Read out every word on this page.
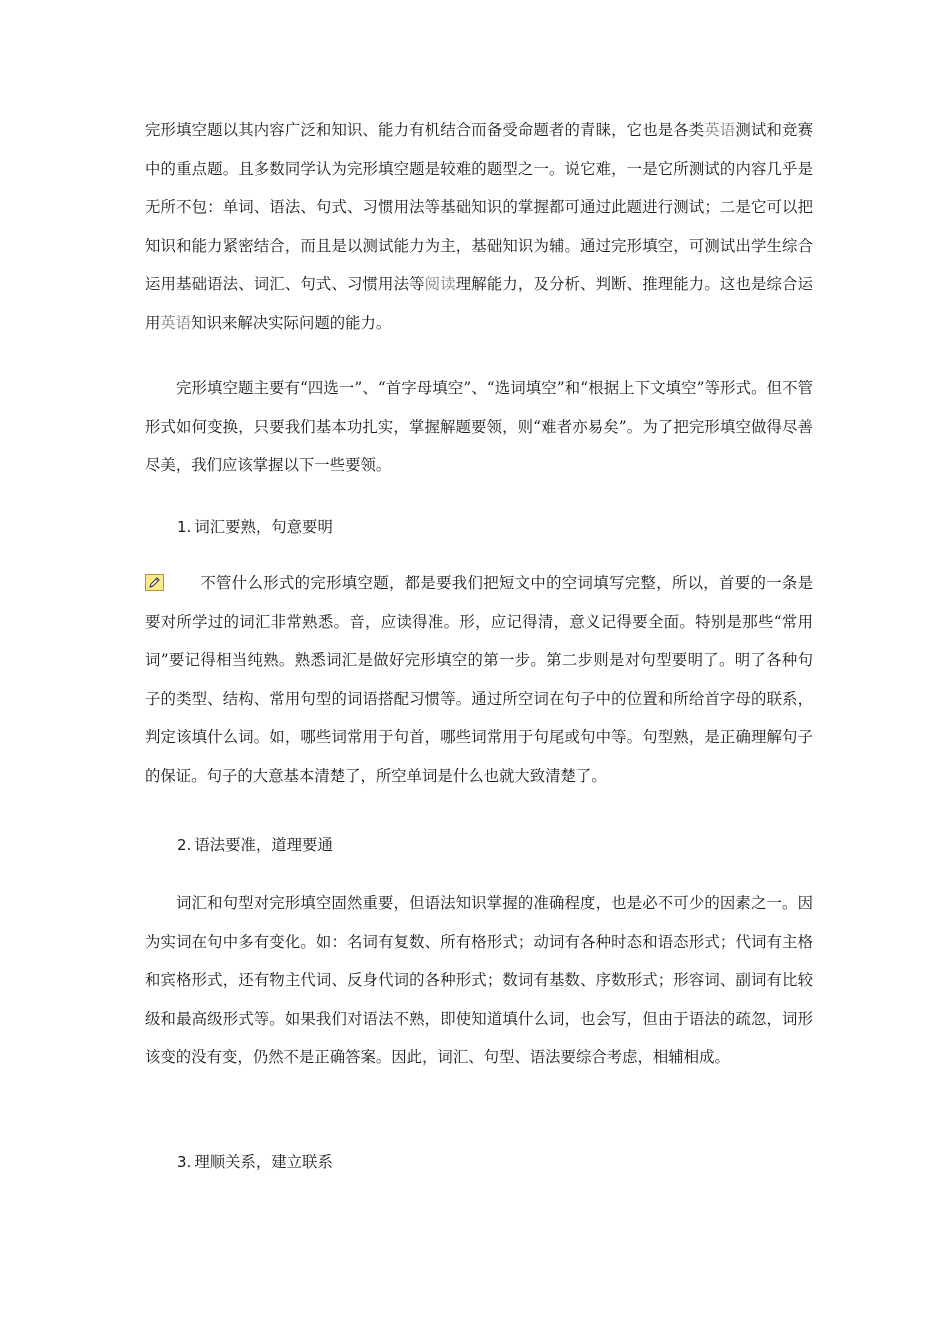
完形填空题以其内容广泛和知识、能力有机结合而备受命题者的青睐，它也是各类英语测试和竞赛中的重点题。且多数同学认为完形填空题是较难的题型之一。说它难，一是它所测试的内容几乎是无所不包：单词、语法、句式、习惯用法等基础知识的掌握都可通过此题进行测试；二是它可以把知识和能力紧密结合，而且是以测试能力为主，基础知识为辅。通过完形填空，可测试出学生综合运用基础语法、词汇、句式、习惯用法等阅读理解能力，及分析、判断、推理能力。这也是综合运用英语知识来解决实际问题的能力。

完形填空题主要有“四选一”、“首字母填空”、“选词填空”和“根据上下文填空”等形式。但不管形式如何变换，只要我们基本功扎实，掌握解题要领，则“难者亦易矣”。为了把完形填空做得尽善尽美，我们应该掌握以下一些要领。

1. 词汇要熟，句意要明

不管什么形式的完形填空题，都是要我们把短文中的空词填写完整，所以，首要的一条是要对所学过的词汇非常熟悉。音，应读得准。形，应记得清，意义记得要全面。特别是那些“常用词”要记得相当纯熟。熟悉词汇是做好完形填空的第一步。第二步则是对句型要明了。明了各种句子的类型、结构、常用句型的词语搭配习惯等。通过所空词在句子中的位置和所给首字母的联系，判定该填什么词。如，哪些词常用于句首，哪些词常用于句尾或句中等。句型熟，是正确理解句子的保证。句子的大意基本清楚了，所空单词是什么也就大致清楚了。

2. 语法要准，道理要通

词汇和句型对完形填空固然重要，但语法知识掌握的准确程度，也是必不可少的因素之一。因为实词在句中多有变化。如：名词有复数、所有格形式；动词有各种时态和语态形式；代词有主格和宾格形式，还有物主代词、反身代词的各种形式；数词有基数、序数形式；形容词、副词有比较级和最高级形式等。如果我们对语法不熟，即使知道填什么词，也会写，但由于语法的疏忽，词形该变的没有变，仍然不是正确答案。因此，词汇、句型、语法要综合考虑，相辅相成。

3. 理顺关系，建立联系
